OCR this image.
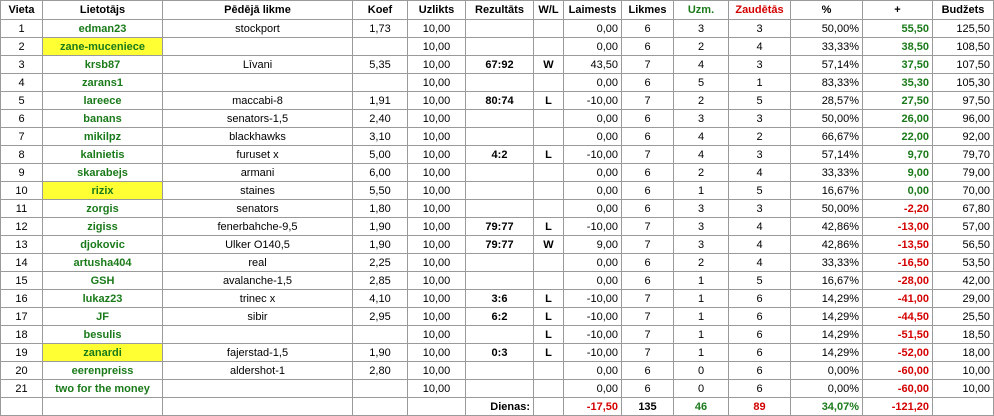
Vieta	Lietotājs	Pēdējā likme	Koef	Uzlikts	Rezultāts	W/L	Laimests	Likmes	Uzm.	Zaudētās	%	+	Budžets
1	edman23	stockport	1,73	10,00			0,00	6	3	3	50,00%	55,50	125,50
2	zane-muceniece			10,00			0,00	6	2	4	33,33%	38,50	108,50
3	krsb87	Līvani	5,35	10,00	67:92	W	43,50	7	4	3	57,14%	37,50	107,50
4	zarans1			10,00			0,00	6	5	1	83,33%	35,30	105,30
5	lareece	maccabi-8	1,91	10,00	80:74	L	-10,00	7	2	5	28,57%	27,50	97,50
6	banans	senators-1,5	2,40	10,00			0,00	6	3	3	50,00%	26,00	96,00
7	mikilpz	blackhawks	3,10	10,00			0,00	6	4	2	66,67%	22,00	92,00
8	kalnietis	furuset x	5,00	10,00	4:2	L	-10,00	7	4	3	57,14%	9,70	79,70
9	skarabejs	armani	6,00	10,00			0,00	6	2	4	33,33%	9,00	79,00
10	rizix	staines	5,50	10,00			0,00	6	1	5	16,67%	0,00	70,00
11	zorgis	senators	1,80	10,00			0,00	6	3	3	50,00%	-2,20	67,80
12	zigiss	fenerbahche-9,5	1,90	10,00	79:77	L	-10,00	7	3	4	42,86%	-13,00	57,00
13	djokovic	Ulker O140,5	1,90	10,00	79:77	W	9,00	7	3	4	42,86%	-13,50	56,50
14	artusha404	real	2,25	10,00			0,00	6	2	4	33,33%	-16,50	53,50
15	GSH	avalanche-1,5	2,85	10,00			0,00	6	1	5	16,67%	-28,00	42,00
16	lukaz23	trinec x	4,10	10,00	3:6	L	-10,00	7	1	6	14,29%	-41,00	29,00
17	JF	sibir	2,95	10,00	6:2	L	-10,00	7	1	6	14,29%	-44,50	25,50
18	besulis			10,00		L	-10,00	7	1	6	14,29%	-51,50	18,50
19	zanardi	fajerstad-1,5	1,90	10,00	0:3	L	-10,00	7	1	6	14,29%	-52,00	18,00
20	eerenpreiss	aldershot-1	2,80	10,00			0,00	6	0	6	0,00%	-60,00	10,00
21	two for the money			10,00			0,00	6	0	6	0,00%	-60,00	10,00
					Dienas:		-17,50	135	46	89	34,07%	-121,20	
